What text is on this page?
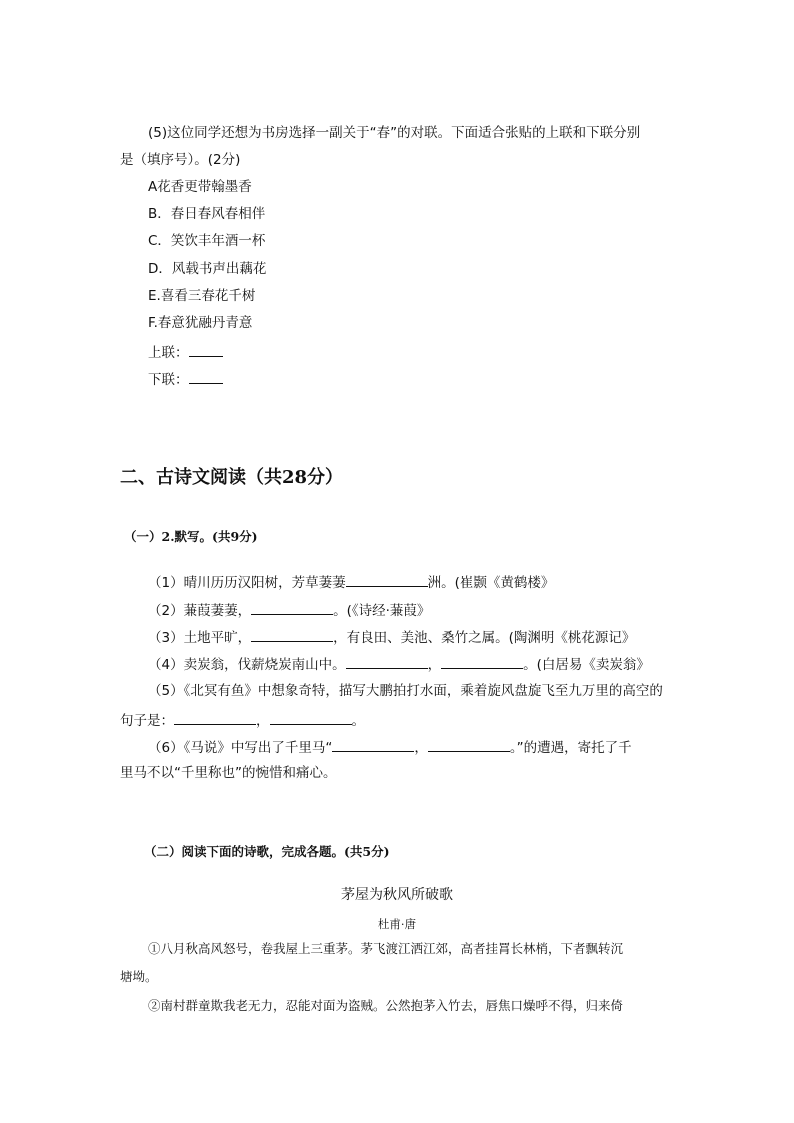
(5)这位同学还想为书房选择一副关于“春”的对联。下面适合张贴的上联和下联分别
是（填序号）。(2分)
A花香更带翰墨香
B．春日春风春相伴
C．笑饮丰年酒一杯
D．风载书声出藕花
E.喜看三春花千树
F.春意犹融丹青意
上联：
下联：
二、古诗文阅读（共28分）
（一）2.默写。(共9分)
（1）晴川历历汉阳树，芳草萋萋	洲。(崔颢《黄鹤楼》
（2）蒹葭萋萋，	。(《诗经·蒹葭》
（3）土地平旷，	，有良田、美池、桑竹之属。(陶渊明《桃花源记》
（4）卖炭翁，伐薪烧炭南山中。	，	。(白居易《卖炭翁》
（5）《北冥有鱼》中想象奇特，描写大鹏拍打水面，乘着旋风盘旋飞至九万里的高空的
句子是：	，	。
（6）《马说》中写出了千里马“	，	。”的遭遇，寄托了千
里马不以“千里称也”的惋惜和痛心。
（二）阅读下面的诗歌，完成各题。(共5分)
茅屋为秋风所破歌
杜甫·唐
①八月秋高风怒号，卷我屋上三重茅。茅飞渡江洒江郊，高者挂罥长林梢，下者飘转沉
塘坳。
②南村群童欺我老无力，忍能对面为盗贼。公然抱茅入竹去，唇焦口燥呼不得，归来倚
